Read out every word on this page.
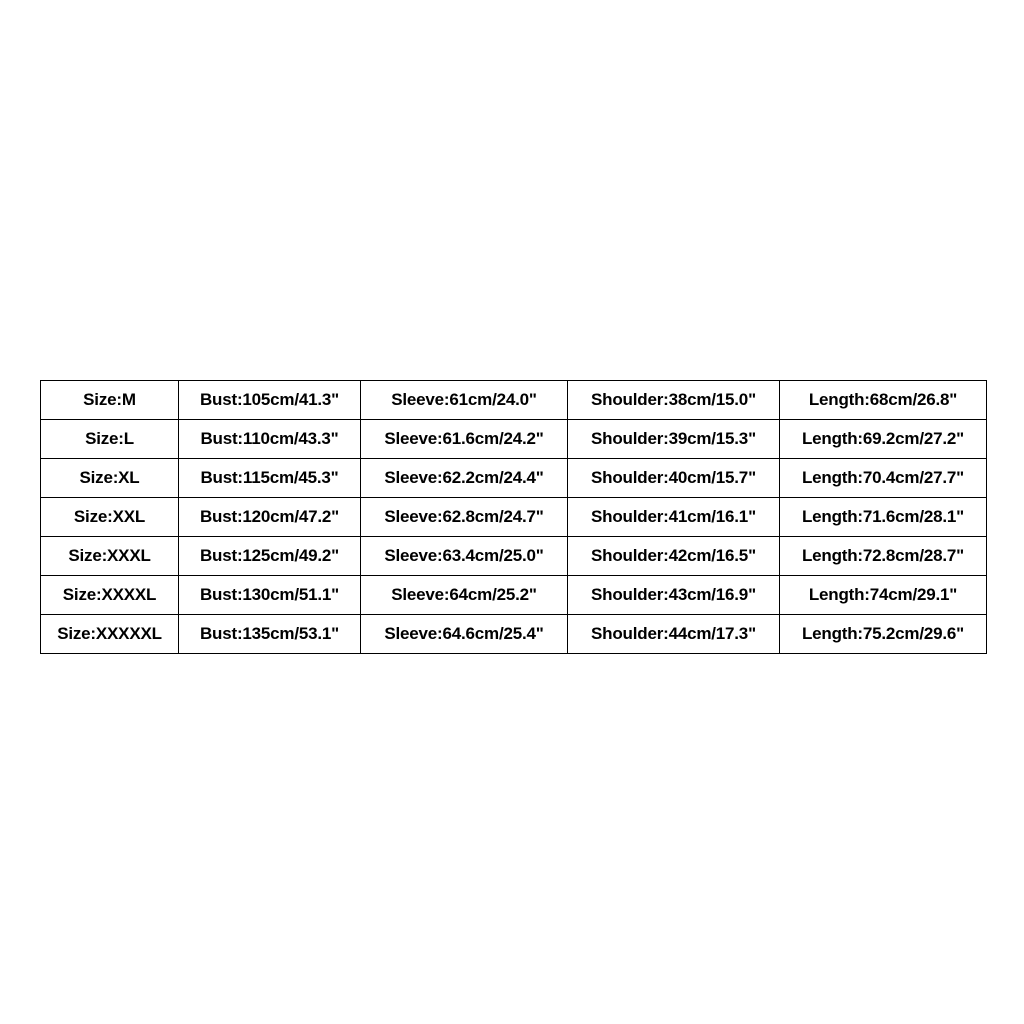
Size:M	Bust:105cm/41.3"	Sleeve:61cm/24.0"	Shoulder:38cm/15.0"	Length:68cm/26.8"
Size:L	Bust:110cm/43.3"	Sleeve:61.6cm/24.2"	Shoulder:39cm/15.3"	Length:69.2cm/27.2"
Size:XL	Bust:115cm/45.3"	Sleeve:62.2cm/24.4"	Shoulder:40cm/15.7"	Length:70.4cm/27.7"
Size:XXL	Bust:120cm/47.2"	Sleeve:62.8cm/24.7"	Shoulder:41cm/16.1"	Length:71.6cm/28.1"
Size:XXXL	Bust:125cm/49.2"	Sleeve:63.4cm/25.0"	Shoulder:42cm/16.5"	Length:72.8cm/28.7"
Size:XXXXL	Bust:130cm/51.1"	Sleeve:64cm/25.2"	Shoulder:43cm/16.9"	Length:74cm/29.1"
Size:XXXXXL	Bust:135cm/53.1"	Sleeve:64.6cm/25.4"	Shoulder:44cm/17.3"	Length:75.2cm/29.6"
